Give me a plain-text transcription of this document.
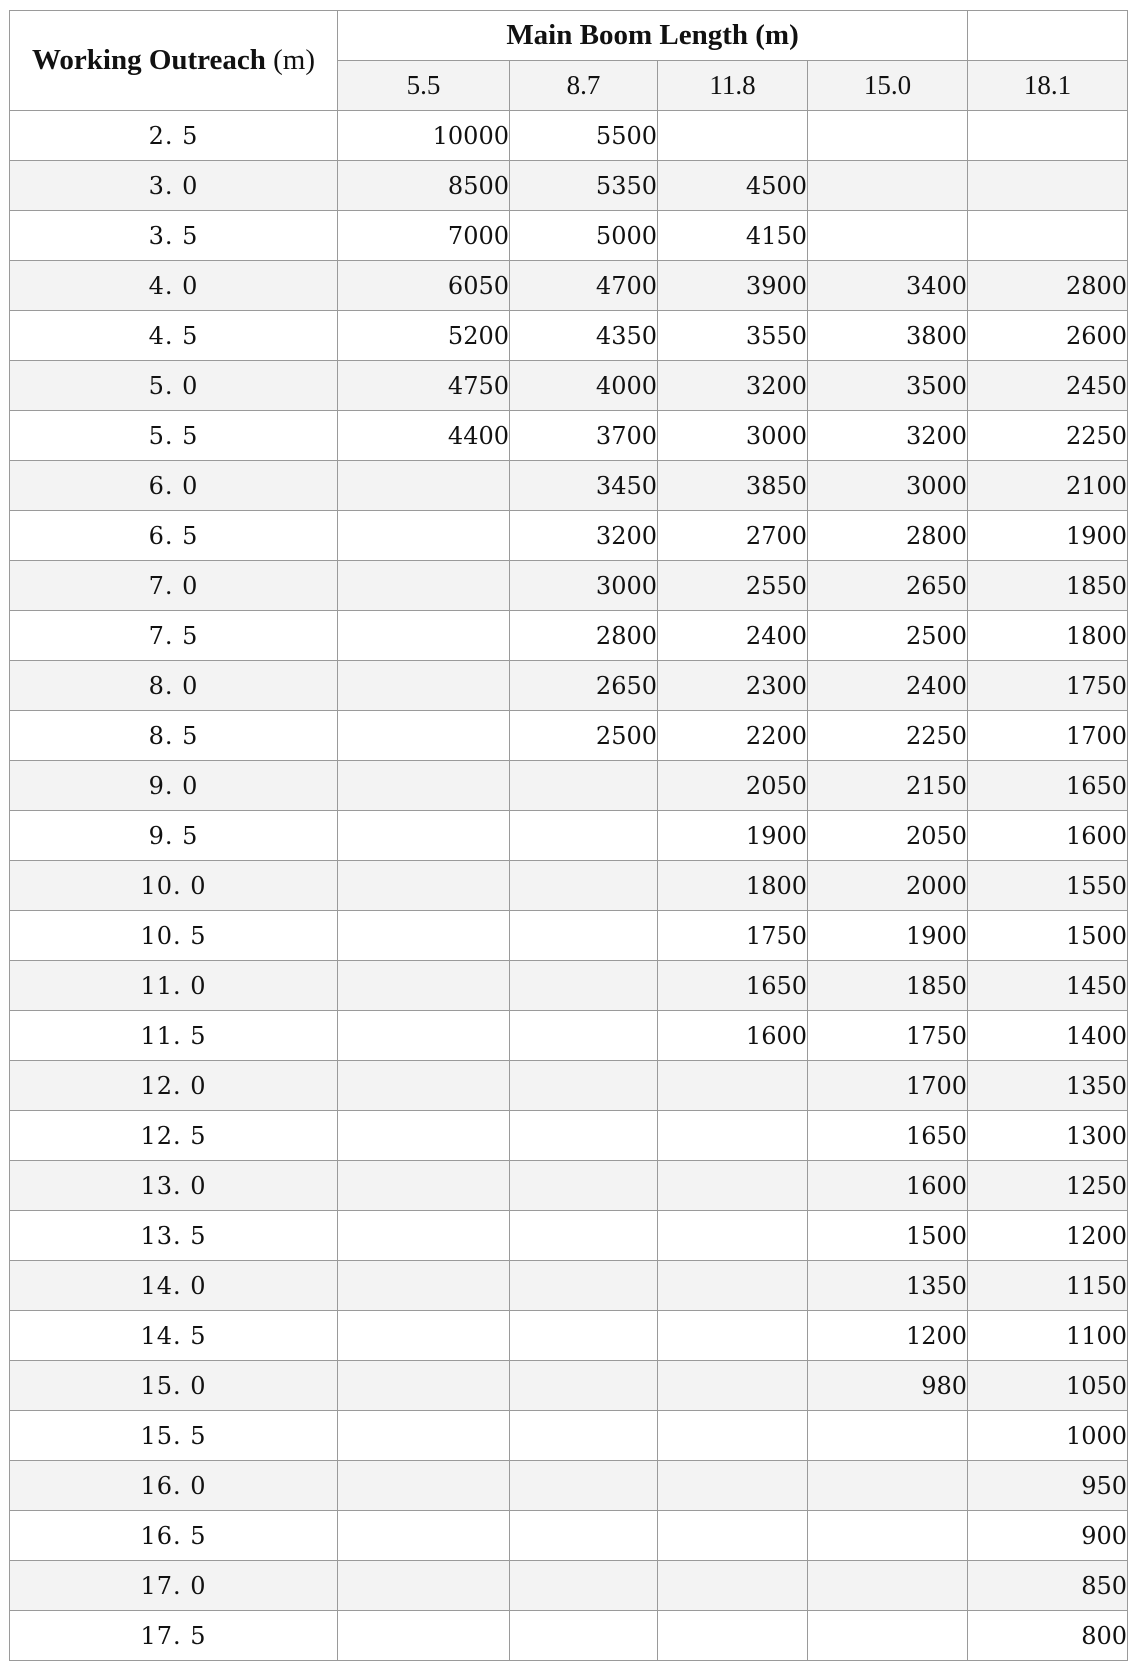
Working Outreach (m)	Main Boom Length (m)				
	5.5	8.7	11.8	15.0	18.1
2. 5	10000	5500			
3. 0	8500	5350	4500		
3. 5	7000	5000	4150		
4. 0	6050	4700	3900	3400	2800
4. 5	5200	4350	3550	3800	2600
5. 0	4750	4000	3200	3500	2450
5. 5	4400	3700	3000	3200	2250
6. 0		3450	3850	3000	2100
6. 5		3200	2700	2800	1900
7. 0		3000	2550	2650	1850
7. 5		2800	2400	2500	1800
8. 0		2650	2300	2400	1750
8. 5		2500	2200	2250	1700
9. 0			2050	2150	1650
9. 5			1900	2050	1600
10. 0			1800	2000	1550
10. 5			1750	1900	1500
11. 0			1650	1850	1450
11. 5			1600	1750	1400
12. 0				1700	1350
12. 5				1650	1300
13. 0				1600	1250
13. 5				1500	1200
14. 0				1350	1150
14. 5				1200	1100
15. 0				980	1050
15. 5					1000
16. 0					950
16. 5					900
17. 0					850
17. 5					800
